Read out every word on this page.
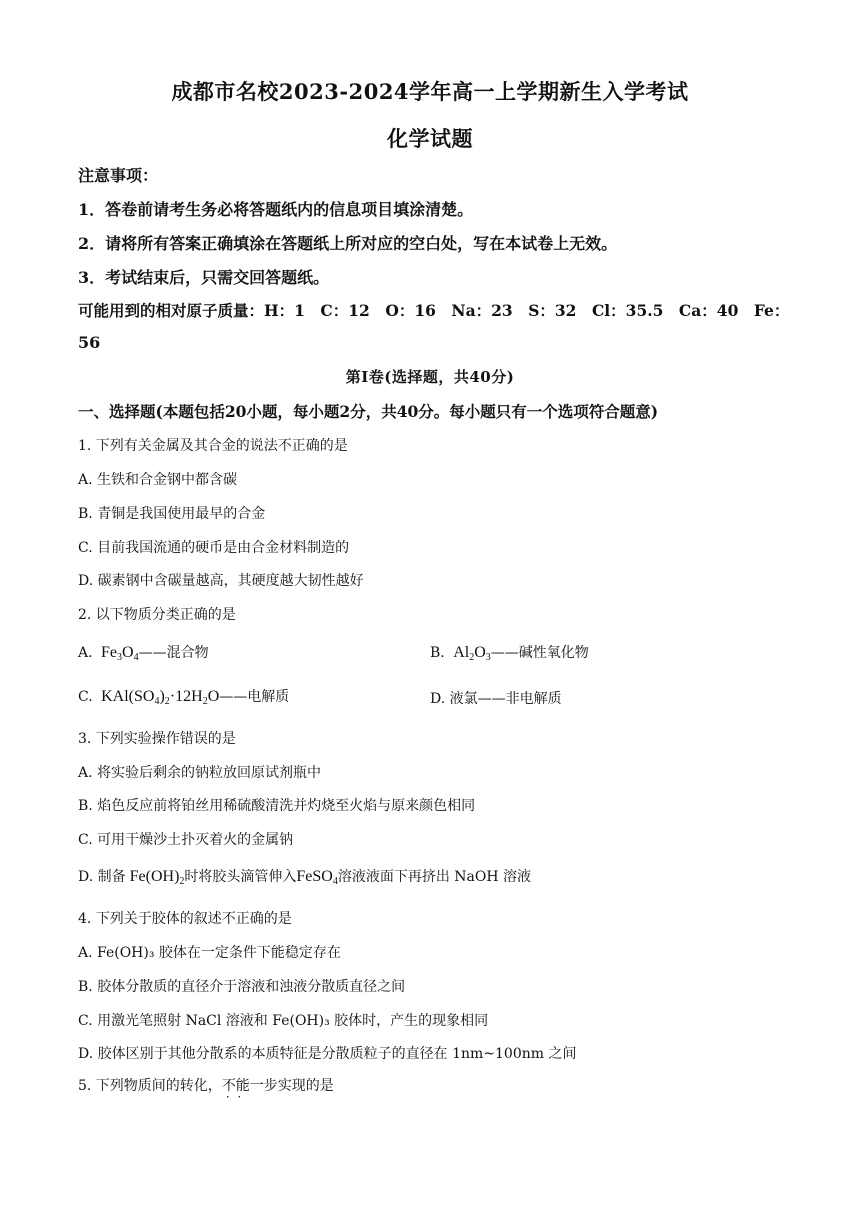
成都市名校2023-2024学年高一上学期新生入学考试
化学试题
注意事项：
1．答卷前请考生务必将答题纸内的信息项目填涂清楚。
2．请将所有答案正确填涂在答题纸上所对应的空白处，写在本试卷上无效。
3．考试结束后，只需交回答题纸。
可能用到的相对原子质量：H：1　C：12　O：16　Na：23　S：32　Cl：35.5　Ca：40　Fe：
56
第Ⅰ卷(选择题，共40分)
一、选择题(本题包括20小题，每小题2分，共40分。每小题只有一个选项符合题意)
1. 下列有关金属及其合金的说法不正确的是
A. 生铁和合金钢中都含碳
B. 青铜是我国使用最早的合金
C. 目前我国流通的硬币是由合金材料制造的
D. 碳素钢中含碳量越高，其硬度越大韧性越好
2. 以下物质分类正确的是
A.  $Fe_3O_4——$混合物	B.  $Al_2O_3——$碱性氧化物
C.  $KAl(SO_4)_2\cdot 12H_2O——$电解质	D. 液氯——非电解质
3. 下列实验操作错误的是
A. 将实验后剩余的钠粒放回原试剂瓶中
B. 焰色反应前将铂丝用稀硫酸清洗并灼烧至火焰与原来颜色相同
C. 可用干燥沙土扑灭着火的金属钠
D. 制备 $Fe(OH)_2$时将胶头滴管伸入FeSO$_4$溶液液面下再挤出 NaOH 溶液
4. 下列关于胶体的叙述不正确的是
A. Fe(OH)₃ 胶体在一定条件下能稳定存在
B. 胶体分散质的直径介于溶液和浊液分散质直径之间
C. 用激光笔照射 NaCl 溶液和 Fe(OH)₃ 胶体时，产生的现象相同
D. 胶体区别于其他分散系的本质特征是分散质粒子的直径在 1nm~100nm 之间
5. 下列物质间的转化，不能 · ·一步实现的是
